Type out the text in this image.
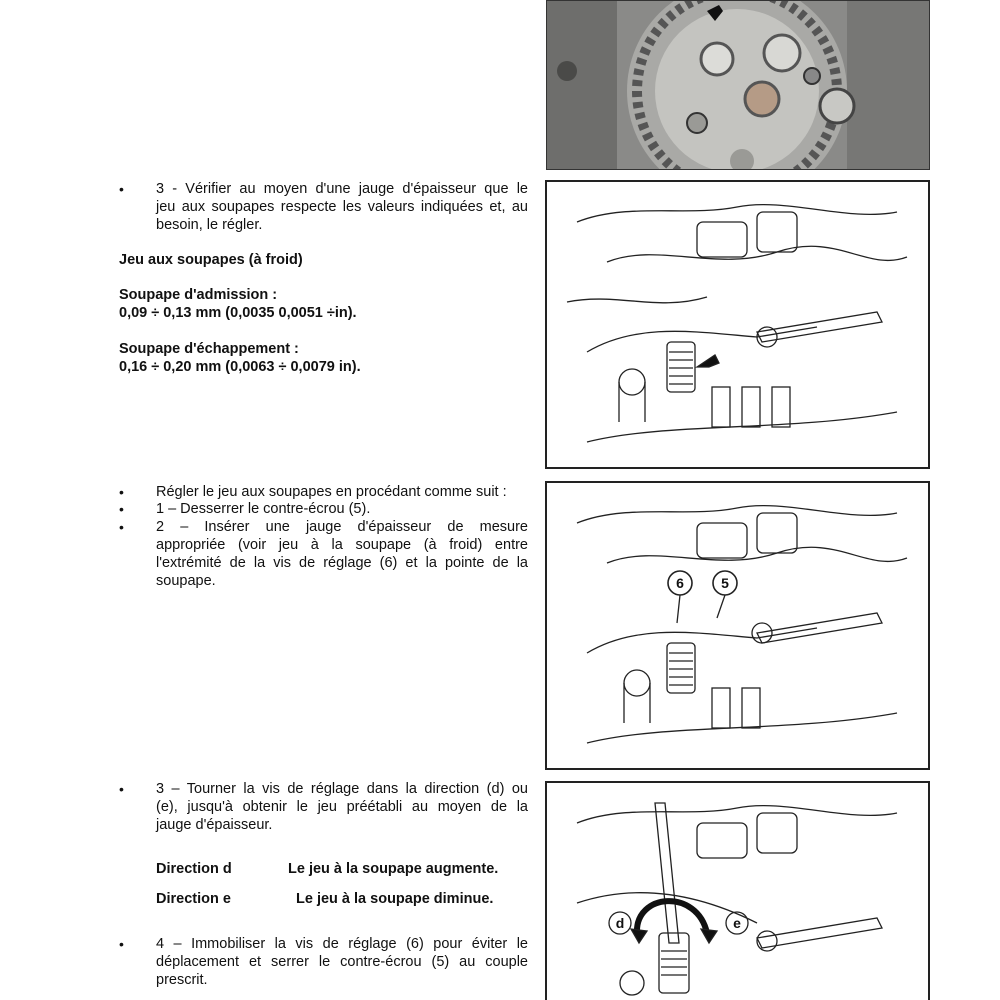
• 3 - Vérifier au moyen d'une jauge d'épaisseur que le
jeu aux soupapes respecte les valeurs indiquées et, au
besoin, le régler.
Jeu aux soupapes (à froid)
Soupape d'admission :
0,09 ÷ 0,13 mm (0,0035 0,0051 ÷in).
Soupape d'échappement :
0,16 ÷ 0,20 mm (0,0063 ÷ 0,0079 in).
• Régler le jeu aux soupapes en procédant comme suit :
• 1 – Desserrer le contre-écrou (5).
• 2 – Insérer une jauge d'épaisseur de mesure
appropriée (voir jeu à la soupape (à froid) entre
l'extrémité de la vis de réglage (6) et la pointe de la
soupape.	6	5
• 3 – Tourner la vis de réglage dans la direction (d) ou
(e), jusqu'à obtenir le jeu préétabli au moyen de la
jauge d'épaisseur.
Direction d	Le jeu à la soupape augmente.
Direction e	Le jeu à la soupape diminue.
• 4 – Immobiliser la vis de réglage (6) pour éviter le
déplacement et serrer le contre-écrou (5) au couple
prescrit.
d	e
